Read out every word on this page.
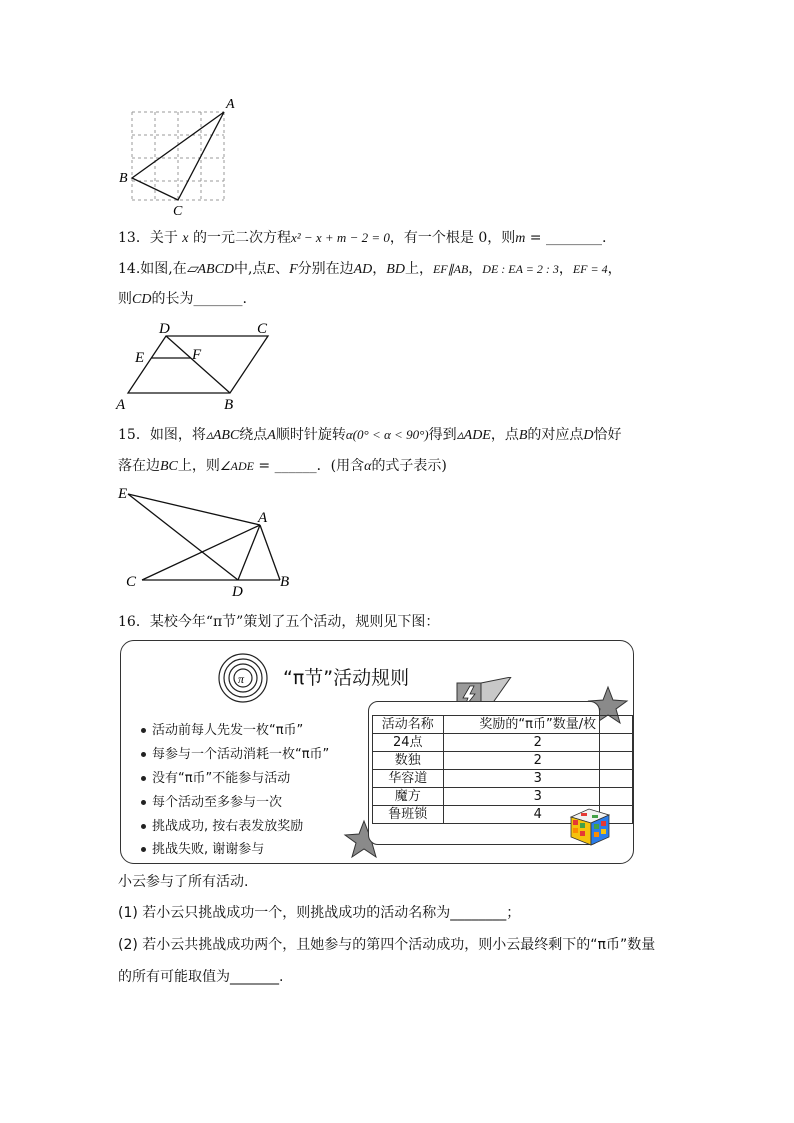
A
B
C
13．关于 x 的一元二次方程x² − x + m − 2 = 0，有一个根是 0，则m = ________.
14.如图,在▱ABCD中,点E、F分别在边AD，BD上，EF∥AB，DE : EA = 2 : 3，EF = 4，
则CD的长为_______.
A	B
C
D
E	F
15．如图，将▵ABC绕点A顺时针旋转α(0° < α < 90°)得到▵ADE，点B的对应点D恰好
落在边BC上，则∠ADE = ______．(用含α的式子表示)
E
A
C
D
B
16．某校今年“π节”策划了五个活动，规则见下图：
π “π节”活动规则
活动前每人先发一枚“π币”
每参与一个活动消耗一枚“π币”
没有“π币”不能参与活动
每个活动至多参与一次
挑战成功, 按右表发放奖励
挑战失败, 谢谢参与
活动名称	奖励的“π币”数量/枚
24点	2
数独	2
华容道	3
魔方	3
鲁班锁	4
小云参与了所有活动.
(1) 若小云只挑战成功一个，则挑战成功的活动名称为________；
(2) 若小云共挑战成功两个，且她参与的第四个活动成功，则小云最终剩下的“π币”数量
的所有可能取值为_______.
